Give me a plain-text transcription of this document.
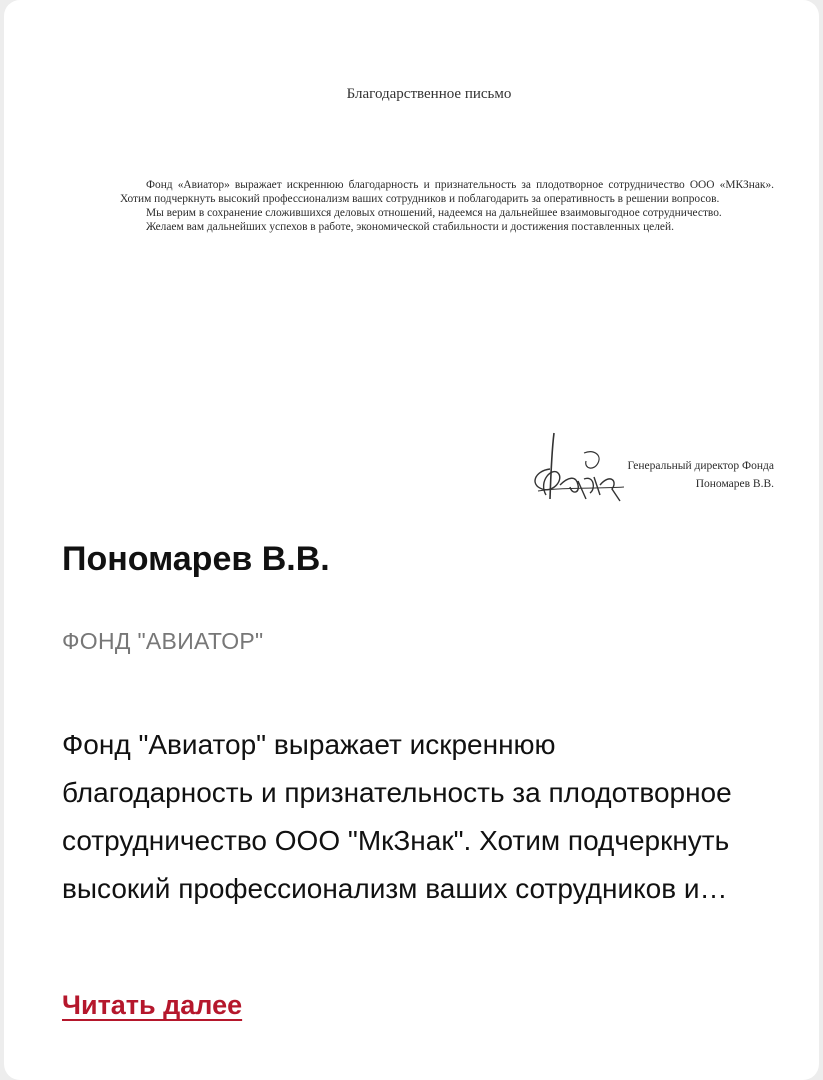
Благодарственное письмо

Фонд «Авиатор» выражает искреннюю благодарность и признательность за плодотворное сотрудничество ООО «МКЗнак». Хотим подчеркнуть высокий профессионализм ваших сотрудников и поблагодарить за оперативность в решении вопросов.

Мы верим в сохранение сложившихся деловых отношений, надеемся на дальнейшее взаимовыгодное сотрудничество.

Желаем вам дальнейших успехов в работе, экономической стабильности и достижения поставленных целей.

Генеральный директор Фонда
Пономарев В.В.
Пономарев В.В.
ФОНД "АВИАТОР"

Фонд "Авиатор" выражает искреннюю благодарность и признательность за плодотворное сотрудничество ООО "МкЗнак". Хотим подчеркнуть высокий профессионализм ваших сотрудников и…

Читать далее
